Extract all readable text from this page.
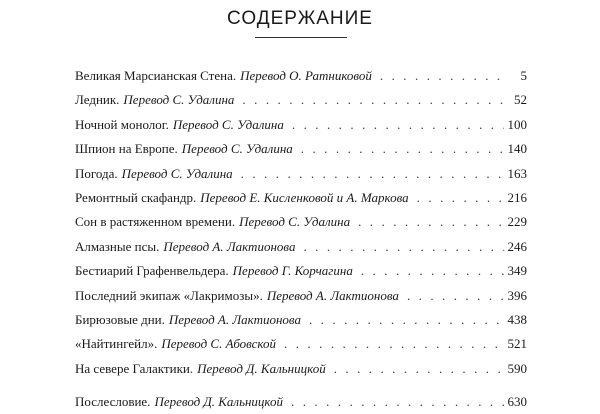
СОДЕРЖАНИЕ
Великая Марсианская Стена. Перевод О. Ратниковой . . .	5
Ледник. Перевод С. Удалина . . .	52
Ночной монолог. Перевод С. Удалина . . .	100
Шпион на Европе. Перевод С. Удалина . . .	140
Погода. Перевод С. Удалина . . .	163
Ремонтный скафандр. Перевод Е. Кисленковой и А. Маркова . . .	216
Сон в растяженном времени. Перевод С. Удалина . . .	229
Алмазные псы. Перевод А. Лактионова . . .	246
Бестиарий Графенвельдера. Перевод Г. Корчагина . . .	349
Последний экипаж «Лакримозы». Перевод А. Лактионова . . .	396
Бирюзовые дни. Перевод А. Лактионова . . .	438
«Найтингейл». Перевод С. Абовской . . .	521
На севере Галактики. Перевод Д. Кальницкой . . .	590
Послесловие. Перевод Д. Кальницкой . . .	630
